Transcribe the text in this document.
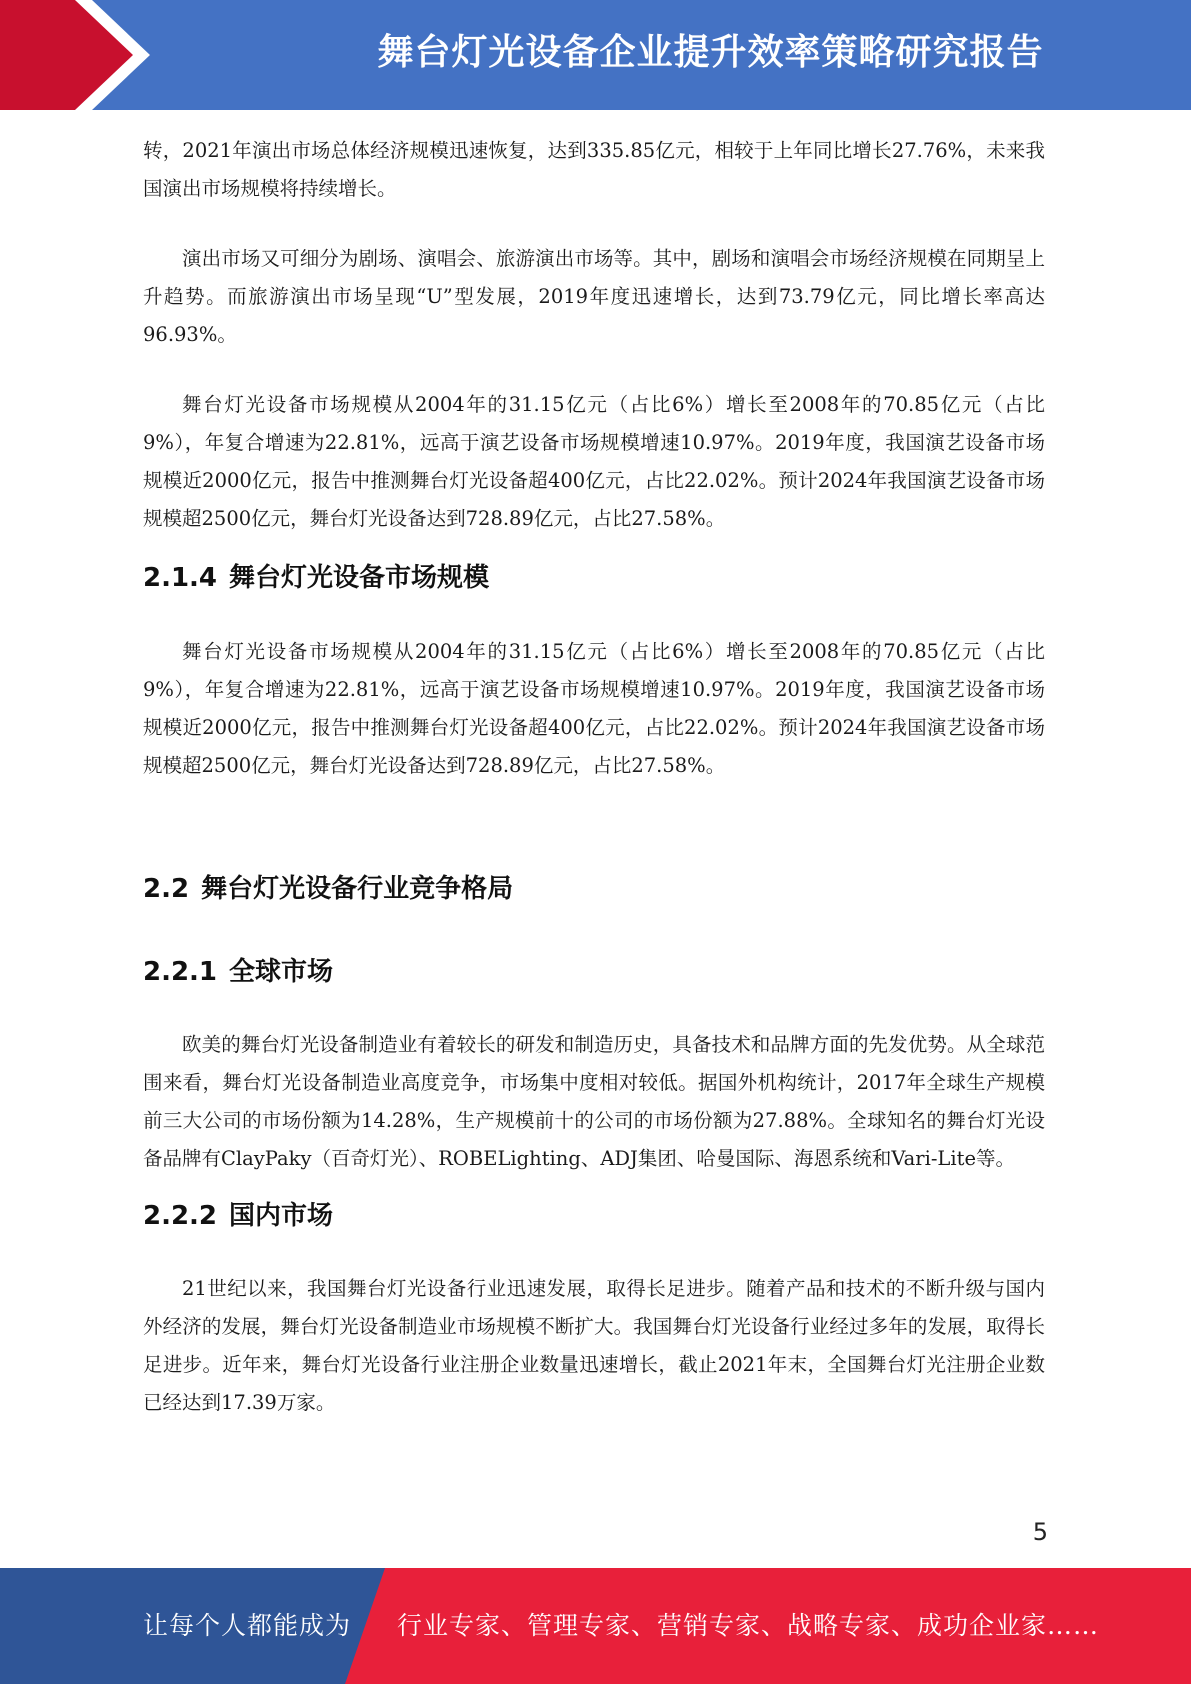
舞台灯光设备企业提升效率策略研究报告

转，2021年演出市场总体经济规模迅速恢复，达到335.85亿元，相较于上年同比增长27.76%，未来我国演出市场规模将持续增长。

演出市场又可细分为剧场、演唱会、旅游演出市场等。其中，剧场和演唱会市场经济规模在同期呈上升趋势。而旅游演出市场呈现“U”型发展，2019年度迅速增长，达到73.79亿元，同比增长率高达96.93%。

舞台灯光设备市场规模从2004年的31.15亿元（占比6%）增长至2008年的70.85亿元（占比9%），年复合增速为22.81%，远高于演艺设备市场规模增速10.97%。2019年度，我国演艺设备市场规模近2000亿元，报告中推测舞台灯光设备超400亿元，占比22.02%。预计2024年我国演艺设备市场规模超2500亿元，舞台灯光设备达到728.89亿元，占比27.58%。

2.1.4 舞台灯光设备市场规模

舞台灯光设备市场规模从2004年的31.15亿元（占比6%）增长至2008年的70.85亿元（占比9%），年复合增速为22.81%，远高于演艺设备市场规模增速10.97%。2019年度，我国演艺设备市场规模近2000亿元，报告中推测舞台灯光设备超400亿元，占比22.02%。预计2024年我国演艺设备市场规模超2500亿元，舞台灯光设备达到728.89亿元，占比27.58%。

2.2 舞台灯光设备行业竞争格局
2.2.1 全球市场

欧美的舞台灯光设备制造业有着较长的研发和制造历史，具备技术和品牌方面的先发优势。从全球范围来看，舞台灯光设备制造业高度竞争，市场集中度相对较低。据国外机构统计，2017年全球生产规模前三大公司的市场份额为14.28%，生产规模前十的公司的市场份额为27.88%。全球知名的舞台灯光设备品牌有ClayPaky（百奇灯光）、ROBELighting、ADJ集团、哈曼国际、海恩系统和Vari-Lite等。

2.2.2 国内市场

21世纪以来，我国舞台灯光设备行业迅速发展，取得长足进步。随着产品和技术的不断升级与国内外经济的发展，舞台灯光设备制造业市场规模不断扩大。我国舞台灯光设备行业经过多年的发展，取得长足进步。近年来，舞台灯光设备行业注册企业数量迅速增长，截止2021年末，全国舞台灯光注册企业数已经达到17.39万家。

5
让每个人都能成为 行业专家、管理专家、营销专家、战略专家、成功企业家……
